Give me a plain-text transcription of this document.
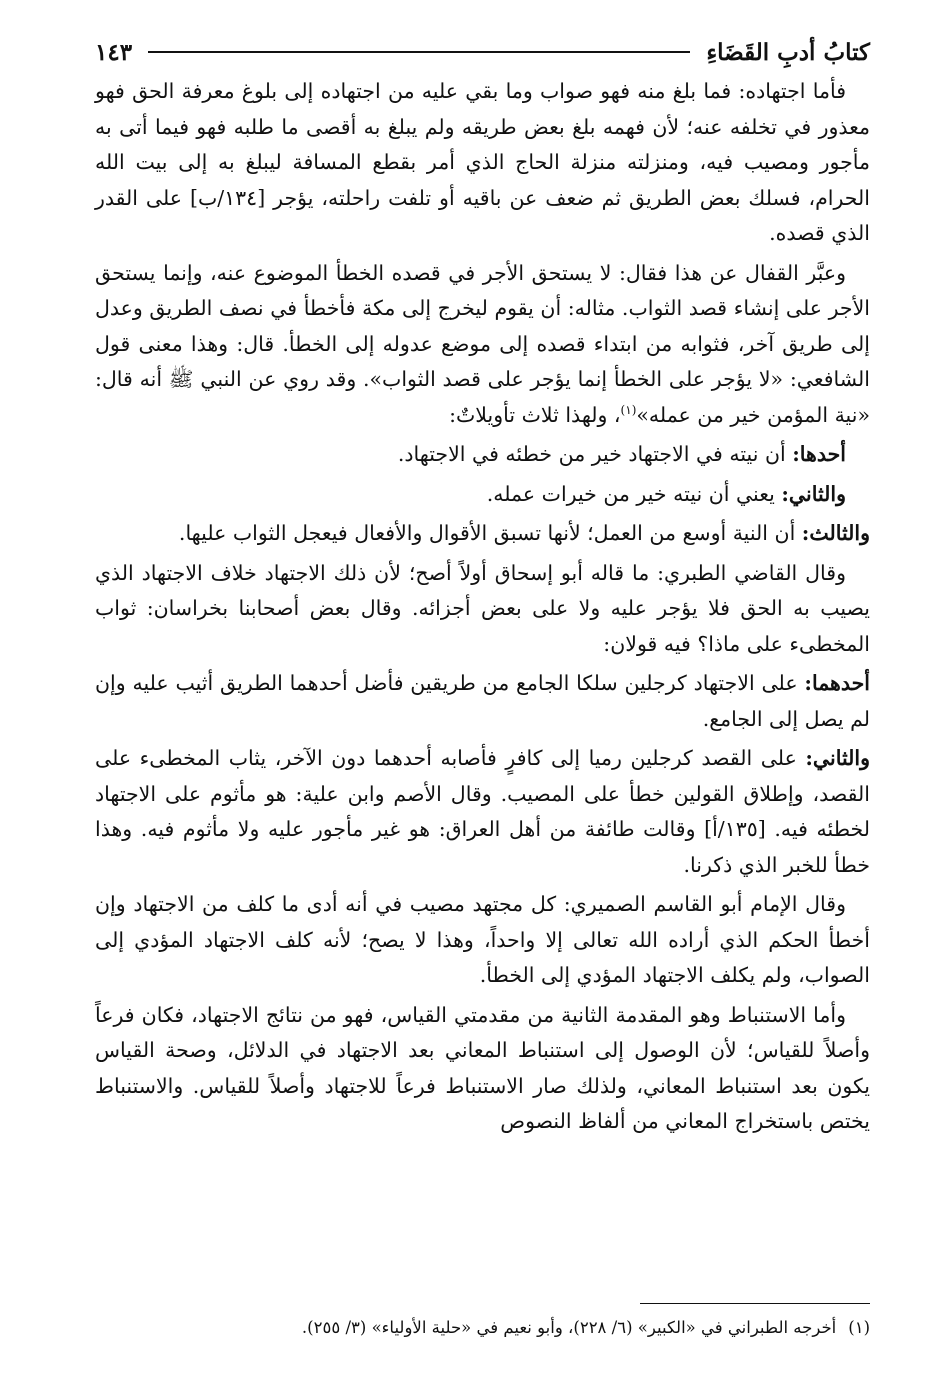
كتابُ أدبِ القَضَاءِ
١٤٣

فأما اجتهاده: فما بلغ منه فهو صواب وما بقي عليه من اجتهاده إلى بلوغ معرفة الحق فهو معذور في تخلفه عنه؛ لأن فهمه بلغ بعض طريقه ولم يبلغ به أقصى ما طلبه فهو فيما أتى به مأجور ومصيب فيه، ومنزلته منزلة الحاج الذي أمر بقطع المسافة ليبلغ به إلى بيت الله الحرام، فسلك بعض الطريق ثم ضعف عن باقيه أو تلفت راحلته، يؤجر [١٣٤/ب] على القدر الذي قصده.

وعبَّر القفال عن هذا فقال: لا يستحق الأجر في قصده الخطأ الموضوع عنه، وإنما يستحق الأجر على إنشاء قصد الثواب. مثاله: أن يقوم ليخرج إلى مكة فأخطأ في نصف الطريق وعدل إلى طريق آخر، فثوابه من ابتداء قصده إلى موضع عدوله إلى الخطأ. قال: وهذا معنى قول الشافعي: «لا يؤجر على الخطأ إنما يؤجر على قصد الثواب». وقد روي عن النبي ﷺ أنه قال: «نية المؤمن خير من عمله»$^{(١)}$، ولهذا ثلاث تأويلاتٌ:

أحدها: أن نيته في الاجتهاد خير من خطئه في الاجتهاد.

والثاني: يعني أن نيته خير من خيرات عمله.

والثالث: أن النية أوسع من العمل؛ لأنها تسبق الأقوال والأفعال فيعجل الثواب عليها.

وقال القاضي الطبري: ما قاله أبو إسحاق أولاً أصح؛ لأن ذلك الاجتهاد خلاف الاجتهاد الذي يصيب به الحق فلا يؤجر عليه ولا على بعض أجزائه. وقال بعض أصحابنا بخراسان: ثواب المخطىء على ماذا؟ فيه قولان:

أحدهما: على الاجتهاد كرجلين سلكا الجامع من طريقين فأضل أحدهما الطريق أثيب عليه وإن لم يصل إلى الجامع.

والثاني: على القصد كرجلين رميا إلى كافرٍ فأصابه أحدهما دون الآخر، يثاب المخطىء على القصد، وإطلاق القولين خطأ على المصيب. وقال الأصم وابن علية: هو مأثوم على الاجتهاد لخطئه فيه. [١٣٥/أ] وقالت طائفة من أهل العراق: هو غير مأجور عليه ولا مأثوم فيه. وهذا خطأ للخبر الذي ذكرنا.

وقال الإمام أبو القاسم الصميري: كل مجتهد مصيب في أنه أدى ما كلف من الاجتهاد وإن أخطأ الحكم الذي أراده الله تعالى إلا واحداً، وهذا لا يصح؛ لأنه كلف الاجتهاد المؤدي إلى الصواب، ولم يكلف الاجتهاد المؤدي إلى الخطأ.

وأما الاستنباط وهو المقدمة الثانية من مقدمتي القياس، فهو من نتائج الاجتهاد، فكان فرعاً وأصلاً للقياس؛ لأن الوصول إلى استنباط المعاني بعد الاجتهاد في الدلائل، وصحة القياس يكون بعد استنباط المعاني، ولذلك صار الاستنباط فرعاً للاجتهاد وأصلاً للقياس. والاستنباط يختص باستخراج المعاني من ألفاظ النصوص

(١)أخرجه الطبراني في «الكبير» (٦/ ٢٢٨)، وأبو نعيم في «حلية الأولياء» (٣/ ٢٥٥).
